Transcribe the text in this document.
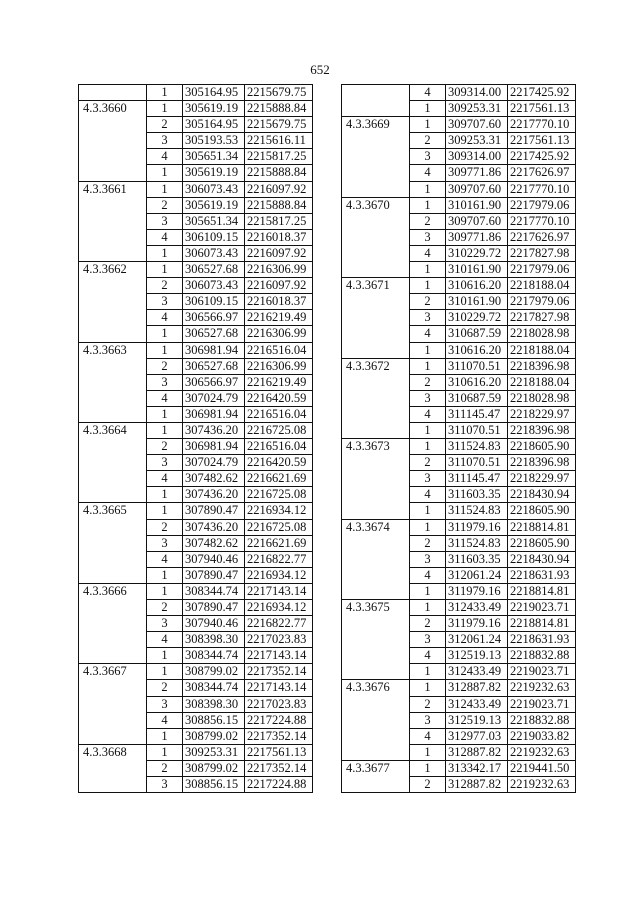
652
	1	305164.95	2215679.75
4.3.3660	1	305619.19	2215888.84
	2	305164.95	2215679.75
	3	305193.53	2215616.11
	4	305651.34	2215817.25
	1	305619.19	2215888.84
4.3.3661	1	306073.43	2216097.92
	2	305619.19	2215888.84
	3	305651.34	2215817.25
	4	306109.15	2216018.37
	1	306073.43	2216097.92
4.3.3662	1	306527.68	2216306.99
	2	306073.43	2216097.92
	3	306109.15	2216018.37
	4	306566.97	2216219.49
	1	306527.68	2216306.99
4.3.3663	1	306981.94	2216516.04
	2	306527.68	2216306.99
	3	306566.97	2216219.49
	4	307024.79	2216420.59
	1	306981.94	2216516.04
4.3.3664	1	307436.20	2216725.08
	2	306981.94	2216516.04
	3	307024.79	2216420.59
	4	307482.62	2216621.69
	1	307436.20	2216725.08
4.3.3665	1	307890.47	2216934.12
	2	307436.20	2216725.08
	3	307482.62	2216621.69
	4	307940.46	2216822.77
	1	307890.47	2216934.12
4.3.3666	1	308344.74	2217143.14
	2	307890.47	2216934.12
	3	307940.46	2216822.77
	4	308398.30	2217023.83
	1	308344.74	2217143.14
4.3.3667	1	308799.02	2217352.14
	2	308344.74	2217143.14
	3	308398.30	2217023.83
	4	308856.15	2217224.88
	1	308799.02	2217352.14
4.3.3668	1	309253.31	2217561.13
	2	308799.02	2217352.14
	3	308856.15	2217224.88
	4	309314.00	2217425.92
	1	309253.31	2217561.13
4.3.3669	1	309707.60	2217770.10
	2	309253.31	2217561.13
	3	309314.00	2217425.92
	4	309771.86	2217626.97
	1	309707.60	2217770.10
4.3.3670	1	310161.90	2217979.06
	2	309707.60	2217770.10
	3	309771.86	2217626.97
	4	310229.72	2217827.98
	1	310161.90	2217979.06
4.3.3671	1	310616.20	2218188.04
	2	310161.90	2217979.06
	3	310229.72	2217827.98
	4	310687.59	2218028.98
	1	310616.20	2218188.04
4.3.3672	1	311070.51	2218396.98
	2	310616.20	2218188.04
	3	310687.59	2218028.98
	4	311145.47	2218229.97
	1	311070.51	2218396.98
4.3.3673	1	311524.83	2218605.90
	2	311070.51	2218396.98
	3	311145.47	2218229.97
	4	311603.35	2218430.94
	1	311524.83	2218605.90
4.3.3674	1	311979.16	2218814.81
	2	311524.83	2218605.90
	3	311603.35	2218430.94
	4	312061.24	2218631.93
	1	311979.16	2218814.81
4.3.3675	1	312433.49	2219023.71
	2	311979.16	2218814.81
	3	312061.24	2218631.93
	4	312519.13	2218832.88
	1	312433.49	2219023.71
4.3.3676	1	312887.82	2219232.63
	2	312433.49	2219023.71
	3	312519.13	2218832.88
	4	312977.03	2219033.82
	1	312887.82	2219232.63
4.3.3677	1	313342.17	2219441.50
	2	312887.82	2219232.63
